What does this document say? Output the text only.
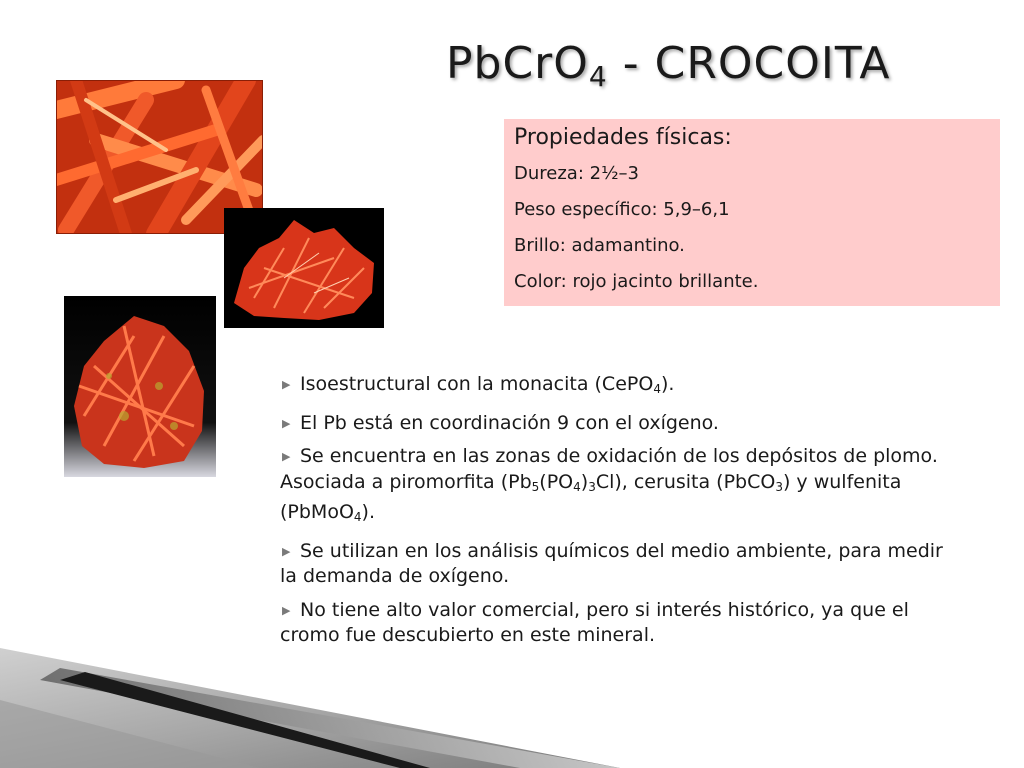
PbCrO$_4$ - CROCOITA
Propiedades físicas:
Dureza: 2½–3
Peso específico: 5,9–6,1
Brillo: adamantino.
Color: rojo jacinto brillante.
▶ Isoestructural con la monacita (CePO$_4$).
▶ El Pb está en coordinación 9 con el oxígeno.
▶ Se encuentra en las zonas de oxidación de los depósitos de plomo. Asociada a piromorfita $(Pb_5(PO_4)_3Cl)$, cerusita (PbCO$_3$) y wulfenita (PbMoO$_4$).
▶ Se utilizan en los análisis químicos del medio ambiente, para medir la demanda de oxígeno.
▶ No tiene alto valor comercial, pero si interés histórico, ya que el cromo fue descubierto en este mineral.
